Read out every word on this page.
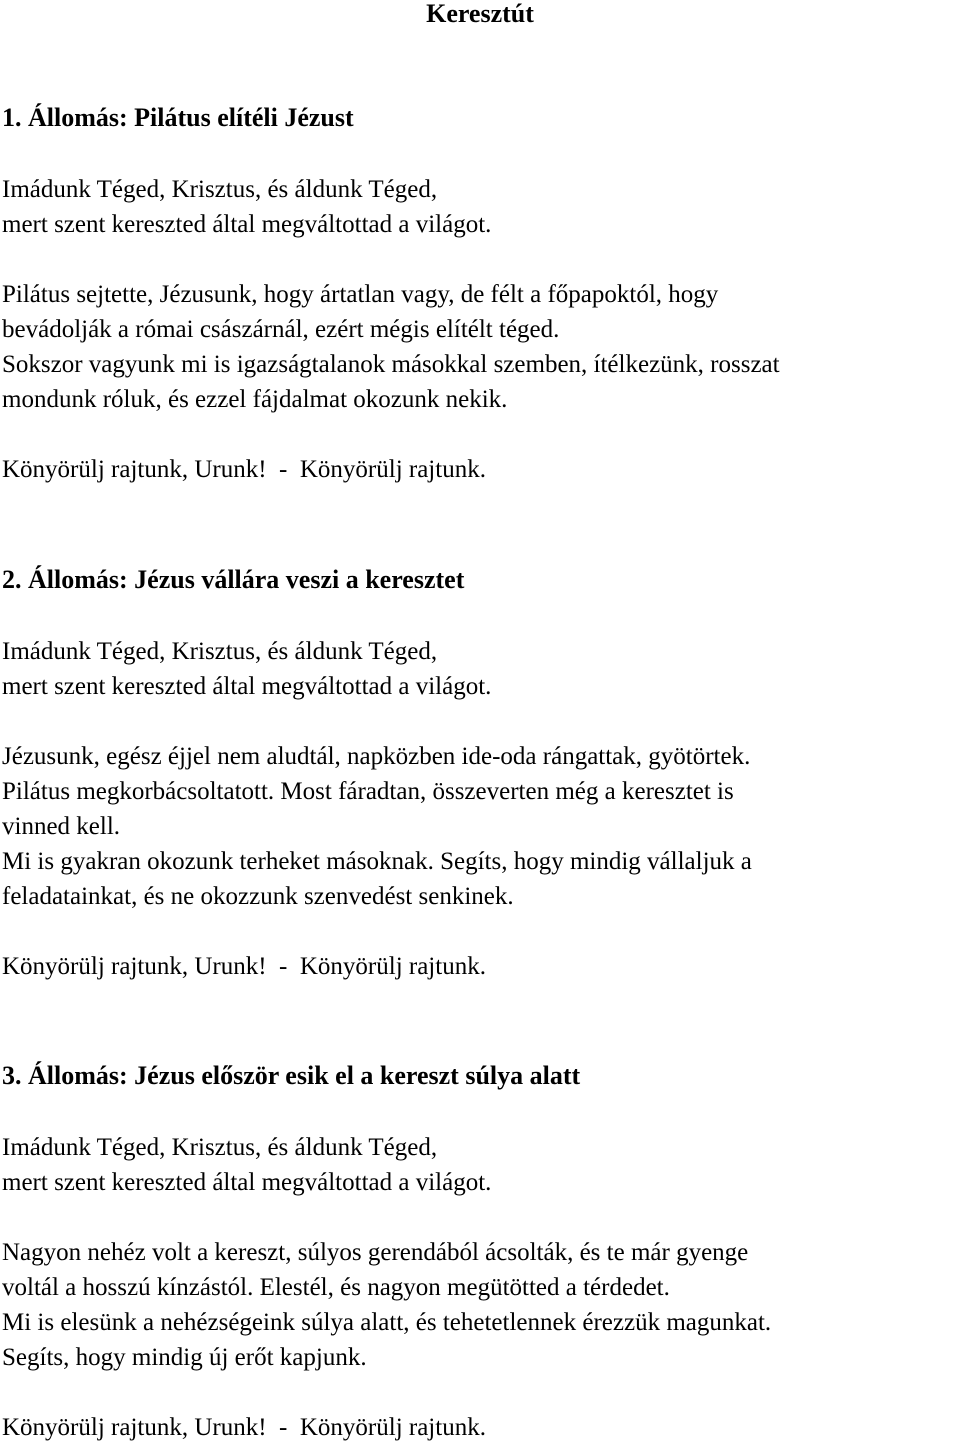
Keresztút
1. Állomás: Pilátus elítéli Jézust

Imádunk Téged, Krisztus, és áldunk Téged,
mert szent kereszted által megváltottad a világot.

Pilátus sejtette, Jézusunk, hogy ártatlan vagy, de félt a főpapoktól, hogy
bevádolják a római császárnál, ezért mégis elítélt téged.
Sokszor vagyunk mi is igazságtalanok másokkal szemben, ítélkezünk, rosszat
mondunk róluk, és ezzel fájdalmat okozunk nekik.

Könyörülj rajtunk, Urunk!  -  Könyörülj rajtunk.

2. Állomás: Jézus vállára veszi a keresztet

Imádunk Téged, Krisztus, és áldunk Téged,
mert szent kereszted által megváltottad a világot.

Jézusunk, egész éjjel nem aludtál, napközben ide-oda rángattak, gyötörtek.
Pilátus megkorbácsoltatott. Most fáradtan, összeverten még a keresztet is
vinned kell.
Mi is gyakran okozunk terheket másoknak. Segíts, hogy mindig vállaljuk a
feladatainkat, és ne okozzunk szenvedést senkinek.

Könyörülj rajtunk, Urunk!  -  Könyörülj rajtunk.

3. Állomás: Jézus először esik el a kereszt súlya alatt

Imádunk Téged, Krisztus, és áldunk Téged,
mert szent kereszted által megváltottad a világot.

Nagyon nehéz volt a kereszt, súlyos gerendából ácsolták, és te már gyenge
voltál a hosszú kínzástól. Elestél, és nagyon megütötted a térdedet.
Mi is elesünk a nehézségeink súlya alatt, és tehetetlennek érezzük magunkat.
Segíts, hogy mindig új erőt kapjunk.

Könyörülj rajtunk, Urunk!  -  Könyörülj rajtunk.
